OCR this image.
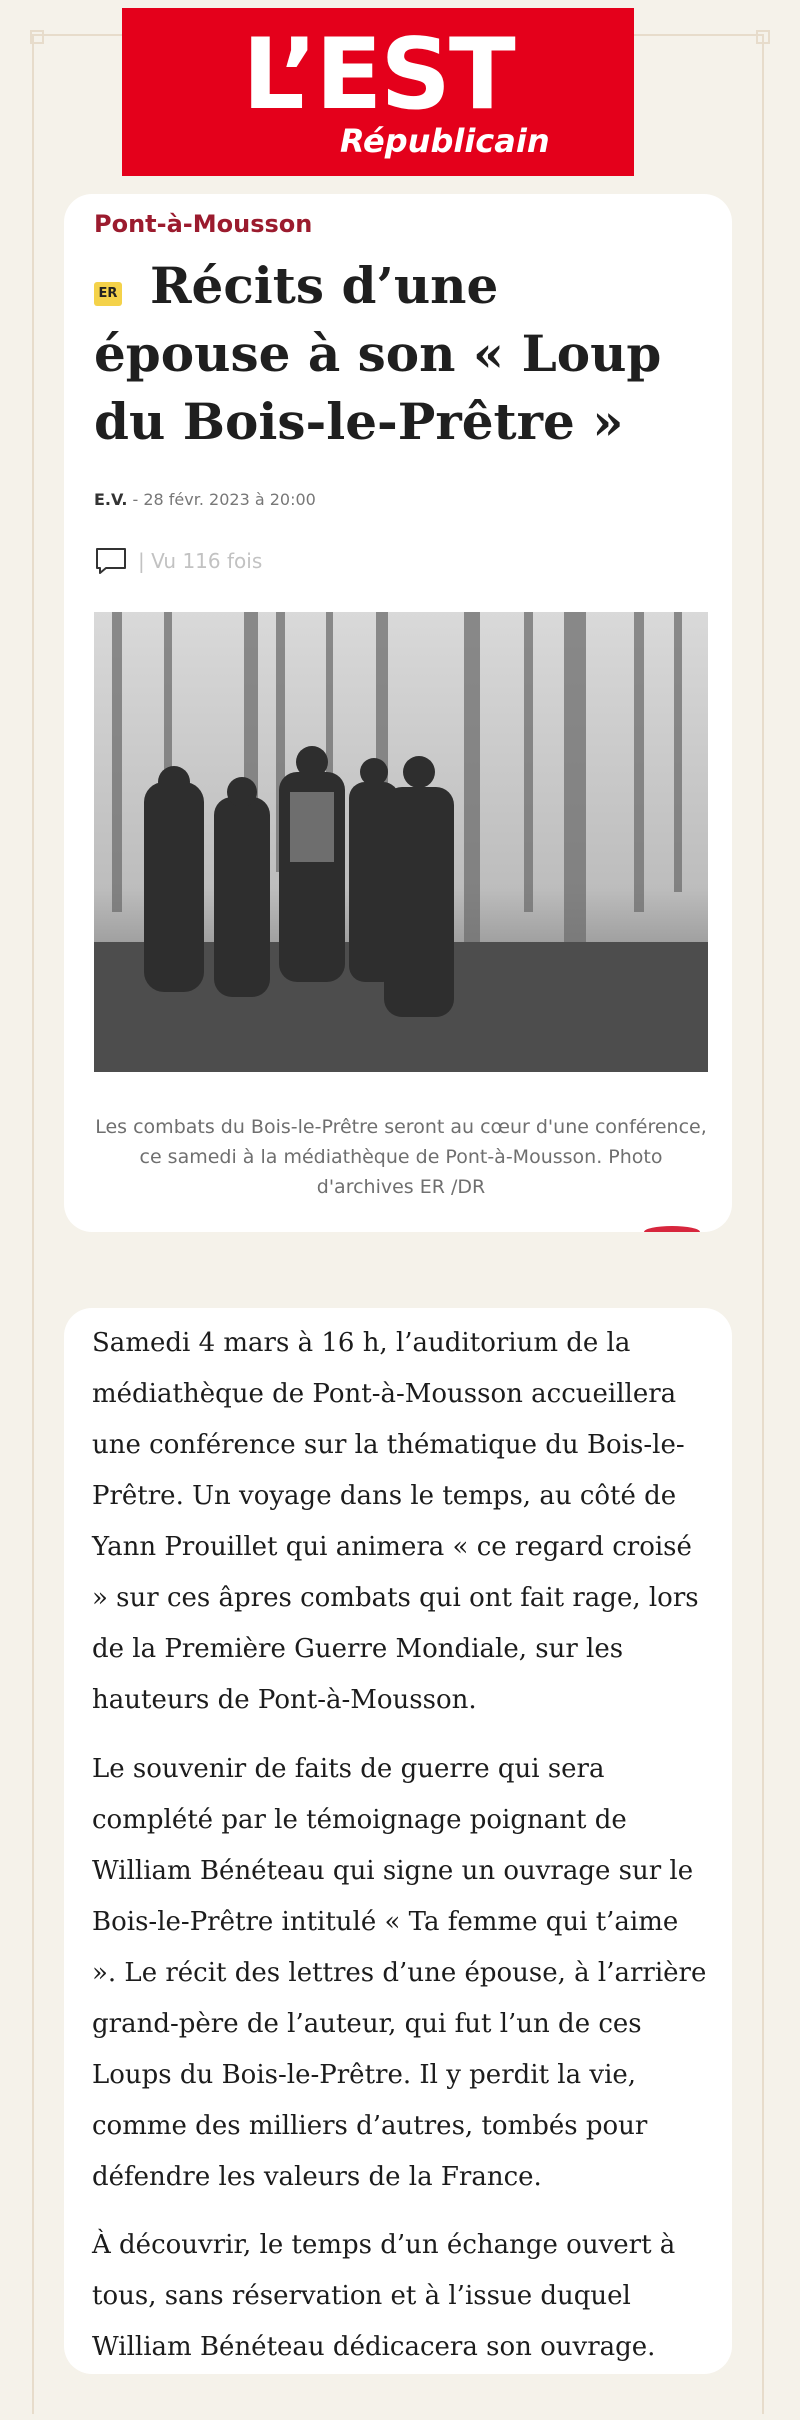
L’EST
Républicain
Pont-à-Mousson
ER Récits d’une épouse à son « Loup du Bois-le-Prêtre »
E.V. - 28 févr. 2023 à 20:00
| Vu 116 fois

Les combats du Bois-le-Prêtre seront au cœur d'une conférence, ce samedi à la médiathèque de Pont-à-Mousson. Photo d'archives ER /DR

Samedi 4 mars à 16 h, l’auditorium de la médiathèque de Pont-à-Mousson accueillera une conférence sur la thématique du Bois-le-Prêtre. Un voyage dans le temps, au côté de Yann Prouillet qui animera « ce regard croisé » sur ces âpres combats qui ont fait rage, lors de la Première Guerre Mondiale, sur les hauteurs de Pont-à-Mousson.

Le souvenir de faits de guerre qui sera complété par le témoignage poignant de William Bénéteau qui signe un ouvrage sur le Bois-le-Prêtre intitulé « Ta femme qui t’aime ». Le récit des lettres d’une épouse, à l’arrière grand-père de l’auteur, qui fut l’un de ces Loups du Bois-le-Prêtre. Il y perdit la vie, comme des milliers d’autres, tombés pour défendre les valeurs de la France.

À découvrir, le temps d’un échange ouvert à tous, sans réservation et à l’issue duquel William Bénéteau dédicacera son ouvrage.
